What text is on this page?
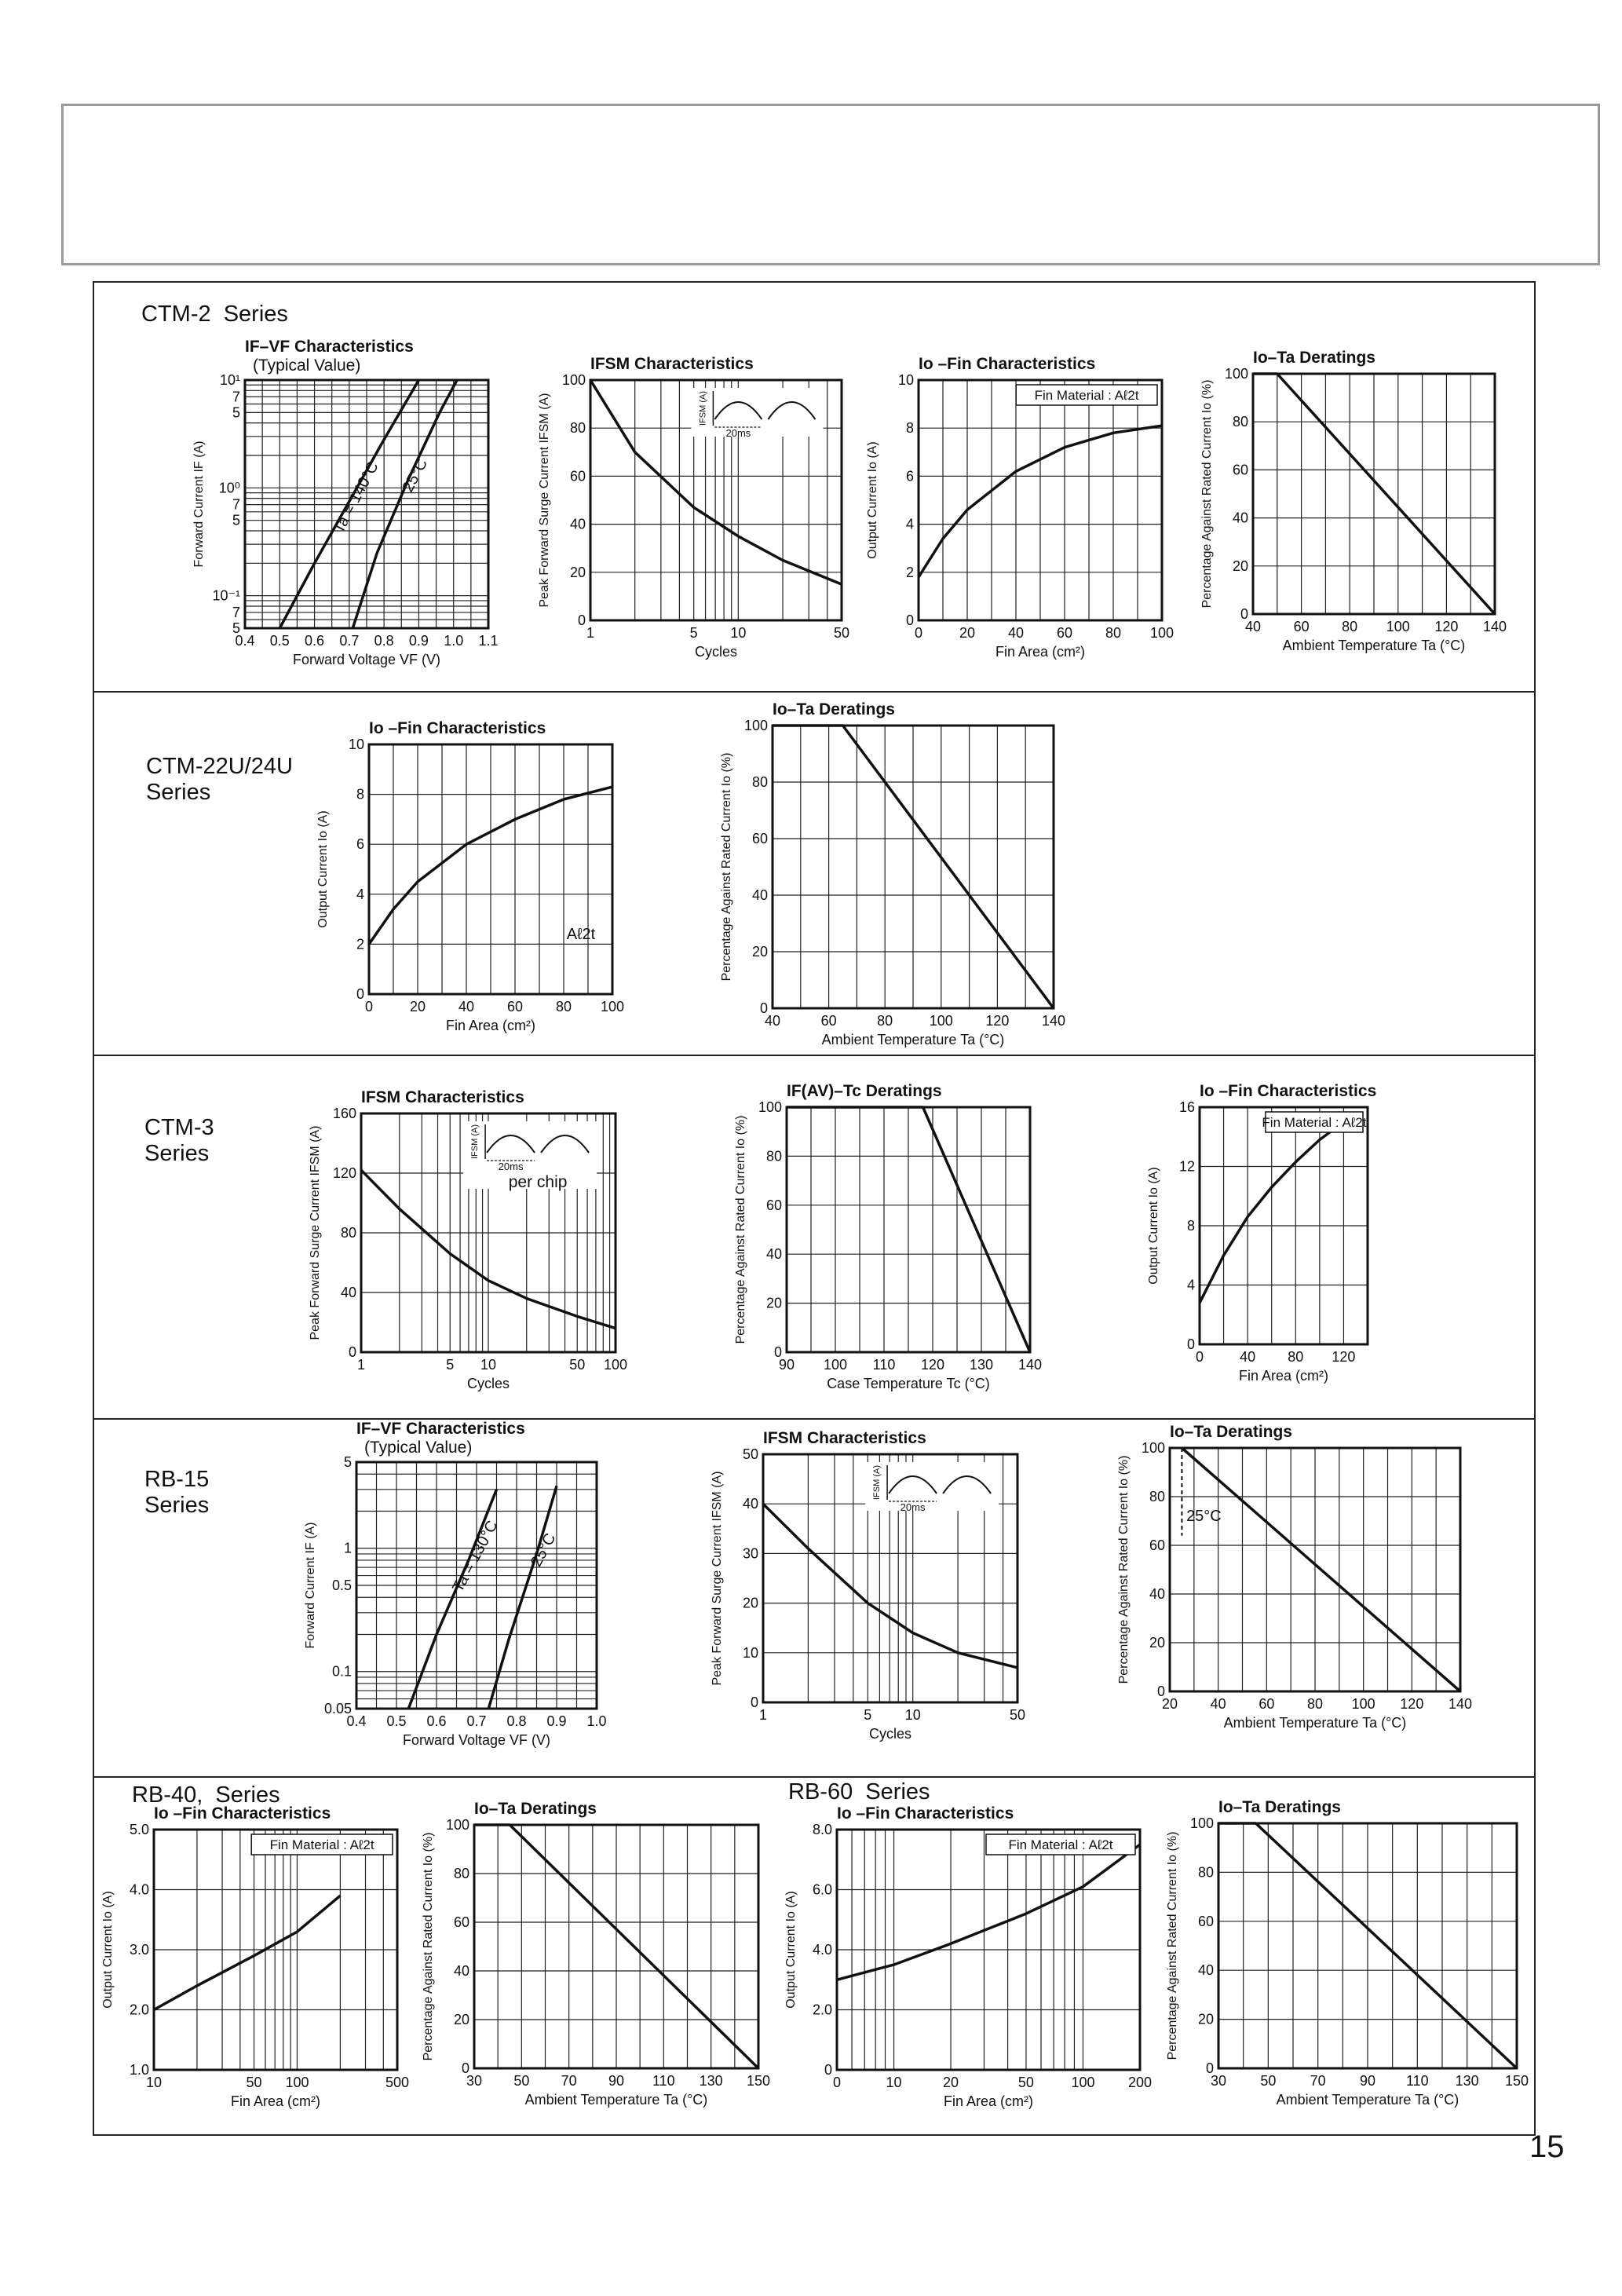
CTM-2  Series
CTM-22U/24U
Series
CTM-3
Series
RB-15
Series
RB-40,  Series	RB-60  Series
0.4 0.5 0.6 0.7 0.8 0.9 1.0 1.1
5
7
10⁻¹
5
7
10⁰
5
7
10¹
IF–VF Characteristics
(Typical Value)
Forward Voltage VF (V)
Forward Current IF (A)	Ta = 140°C 25°C
1	5 10	50
0
20
40
60
80
100
IFSM Characteristics
Cycles
Peak Forward Surge Current IFSM (A)	IFSM (A)
20ms
0	20 40 60 80 100
0
2
4
6
8
10
Io –Fin Characteristics
Fin Area (cm²)
Output Current Io (A)
Fin Material : Aℓ2t
40 60 80 100 120 140
0
20
40
60
80
100
Io–Ta Deratings
Ambient Temperature Ta (°C)
Percentage Against Rated Current Io (%)
0	20 40 60 80 100
0
2
4
6
8
10
Io –Fin Characteristics
Fin Area (cm²)
Output Current Io (A)
Aℓ2t
40	60	80	100 120 140
0
20
40
60
80
100
Io–Ta Deratings
Ambient Temperature Ta (°C)
Percentage Against Rated Current Io (%)
1	5 10	50 100
0
40
80
120
160
IFSM Characteristics
Cycles
Peak Forward Surge Current IFSM (A)	IFSM (A)
20ms
per chip
90 100 110 120 130 140
0
20
40
60
80
100
IF(AV)–Tc Deratings
Case Temperature Tc (°C)
Percentage Against Rated Current Io (%)
0	40 80 120
0
4
8
12
16
Io –Fin Characteristics
Fin Area (cm²)
Output Current Io (A)
Fin Material : Aℓ2t
0.4 0.5 0.6 0.7 0.8 0.9 1.0
0.05
0.1
0.5
1
5
IF–VF Characteristics
(Typical Value)
Forward Voltage VF (V)
Forward Current IF (A)	Ta = 130°C 25°C
1	5 10	50
0
10
20
30
40
50
IFSM Characteristics
Cycles
Peak Forward Surge Current IFSM (A)	IFSM (A)
20ms
20 40 60 80 100 120 140
0
20
40
60
80
100
Io–Ta Deratings
Ambient Temperature Ta (°C)
Percentage Against Rated Current Io (%)	25°C
10	50 100	500
1.0
2.0
3.0
4.0
5.0
Io –Fin Characteristics
Fin Area (cm²)
Output Current Io (A)
Fin Material : Aℓ2t
30 50 70 90 110 130 150
0
20
40
60
80
100
Io–Ta Deratings
Ambient Temperature Ta (°C)
Percentage Against Rated Current Io (%)
0	10	20	50	100 200
0
2.0
4.0
6.0
8.0
Io –Fin Characteristics
Fin Area (cm²)
Output Current Io (A)
Fin Material : Aℓ2t
30 50 70 90 110 130 150
0
20
40
60
80
100
Io–Ta Deratings
Ambient Temperature Ta (°C)
Percentage Against Rated Current Io (%)
15
